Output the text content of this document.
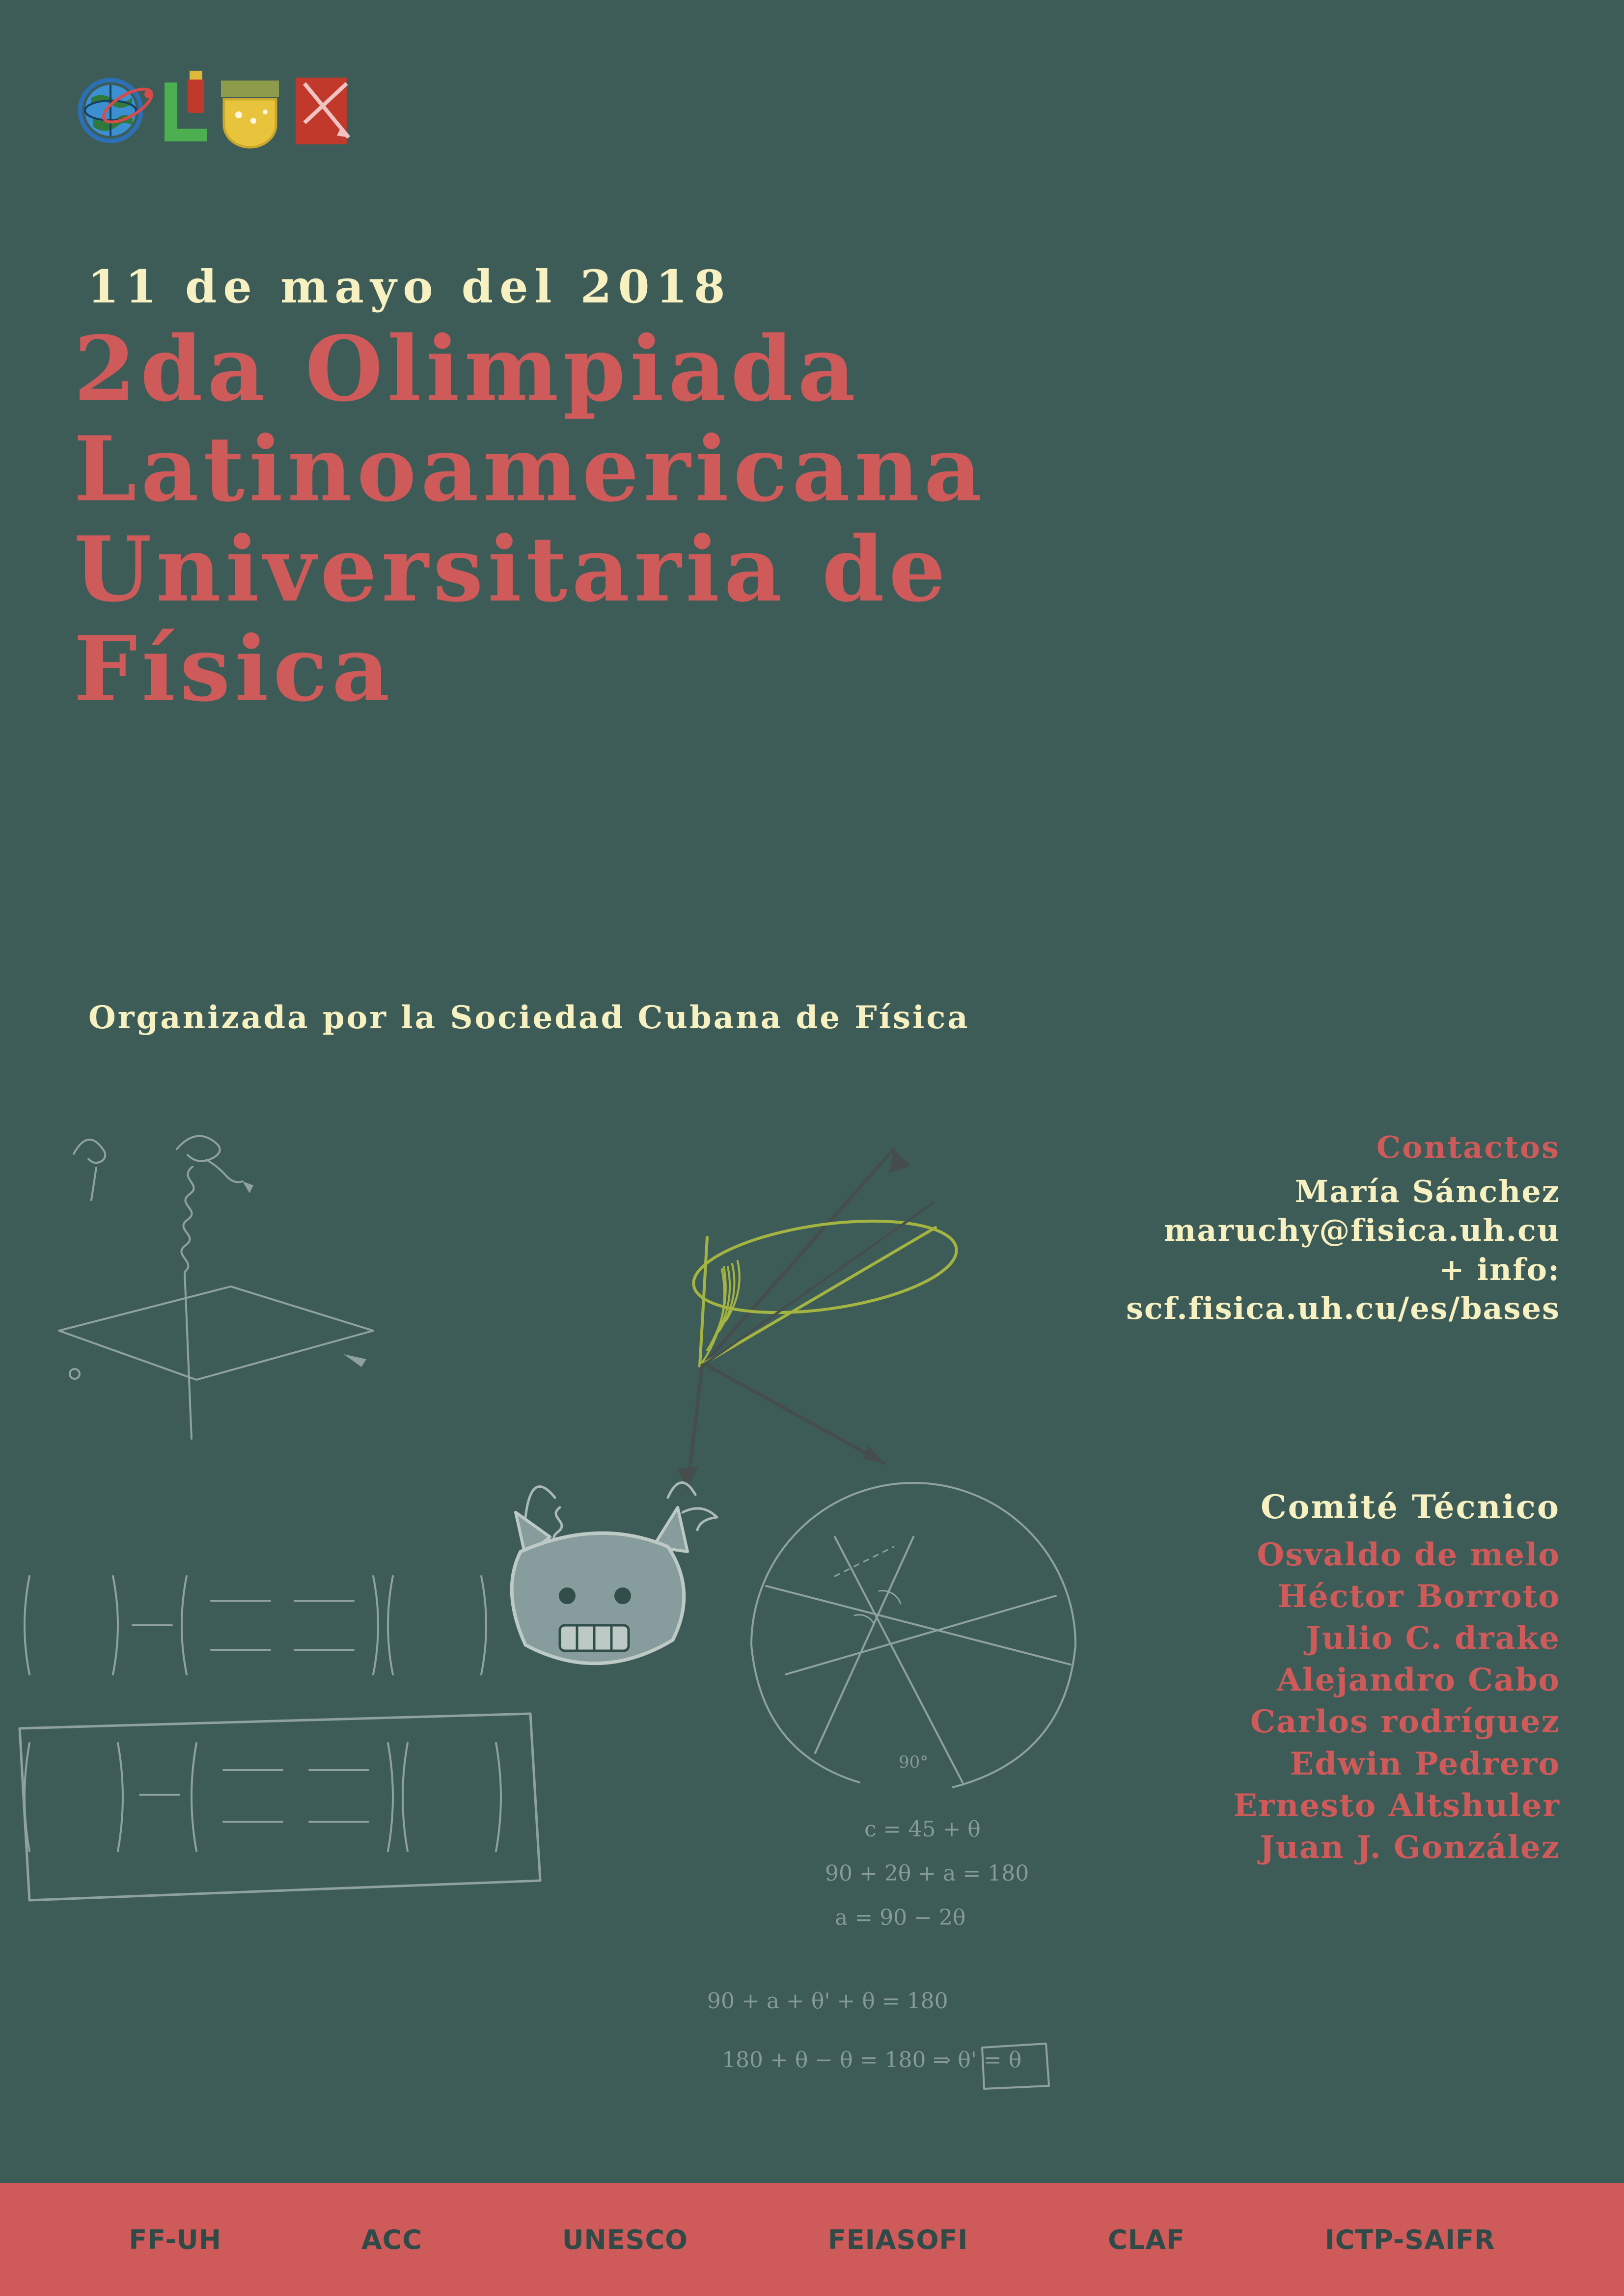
11 de mayo del 2018
2da Olimpiada
Latinoamericana
Universitaria de
Física
Organizada por la Sociedad Cubana de Física
c = 45 + θ
90 + 2θ + a = 180
a = 90 − 2θ
90 + a + θ' + θ = 180
180 + θ − θ = 180 ⇒ θ' = θ
90°
Contactos
María Sánchez
maruchy@fisica.uh.cu
+ info:
scf.fisica.uh.cu/es/bases
Comité Técnico
Osvaldo de melo
Héctor Borroto
Julio C. drake
Alejandro Cabo
Carlos rodríguez
Edwin Pedrero
Ernesto Altshuler
Juan J. González
FF-UH	ACC	UNESCO	FEIASOFI	CLAF	ICTP-SAIFR
